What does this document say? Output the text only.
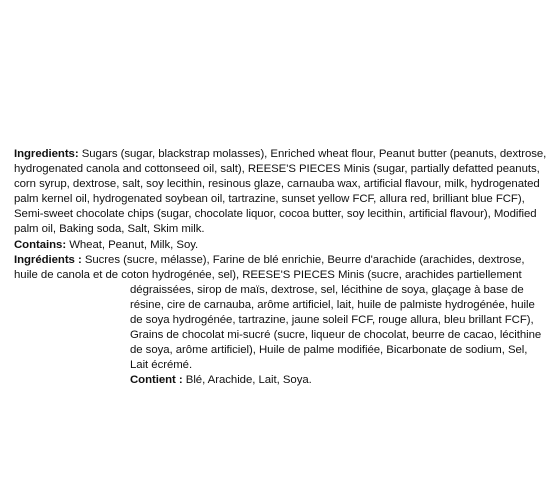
Ingredients: Sugars (sugar, blackstrap molasses), Enriched wheat flour, Peanut butter (peanuts, dextrose,
hydrogenated canola and cottonseed oil, salt), REESE'S PIECES Minis (sugar, partially defatted peanuts,
corn syrup, dextrose, salt, soy lecithin, resinous glaze, carnauba wax, artificial flavour, milk, hydrogenated
palm kernel oil, hydrogenated soybean oil, tartrazine, sunset yellow FCF, allura red, brilliant blue FCF),
Semi-sweet chocolate chips (sugar, chocolate liquor, cocoa butter, soy lecithin, artificial flavour), Modified
palm oil, Baking soda, Salt, Skim milk.
Contains: Wheat, Peanut, Milk, Soy.
Ingrédients : Sucres (sucre, mélasse), Farine de blé enrichie, Beurre d'arachide (arachides, dextrose,
huile de canola et de coton hydrogénée, sel), REESE'S PIECES Minis (sucre, arachides partiellement
dégraissées, sirop de maïs, dextrose, sel, lécithine de soya, glaçage à base de
résine, cire de carnauba, arôme artificiel, lait, huile de palmiste hydrogénée, huile
de soya hydrogénée, tartrazine, jaune soleil FCF, rouge allura, bleu brillant FCF),
Grains de chocolat mi-sucré (sucre, liqueur de chocolat, beurre de cacao, lécithine
de soya, arôme artificiel), Huile de palme modifiée, Bicarbonate de sodium, Sel,
Lait écrémé.
Contient : Blé, Arachide, Lait, Soya.
